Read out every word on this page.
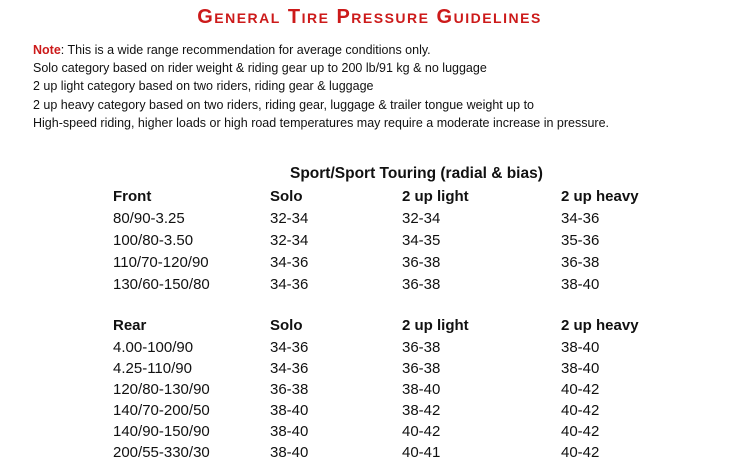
General Tire Pressure Guidelines
Note: This is a wide range recommendation for average conditions only.
Solo category based on rider weight & riding gear up to 200 lb/91 kg & no luggage
2 up light category based on two riders, riding gear & luggage
2 up heavy category based on two riders, riding gear, luggage & trailer tongue weight up to
High-speed riding, higher loads or high road temperatures may require a moderate increase in pressure.
Sport/Sport Touring (radial & bias)
Front	Solo	2 up light	2 up heavy
80/90-3.25	32-34	32-34	34-36
100/80-3.50	32-34	34-35	35-36
110/70-120/90	34-36	36-38	36-38
130/60-150/80	34-36	36-38	38-40
Rear	Solo	2 up light	2 up heavy
4.00-100/90	34-36	36-38	38-40
4.25-110/90	34-36	36-38	38-40
120/80-130/90	36-38	38-40	40-42
140/70-200/50	38-40	38-42	40-42
140/90-150/90	38-40	40-42	40-42
200/55-330/30	38-40	40-41	40-42
